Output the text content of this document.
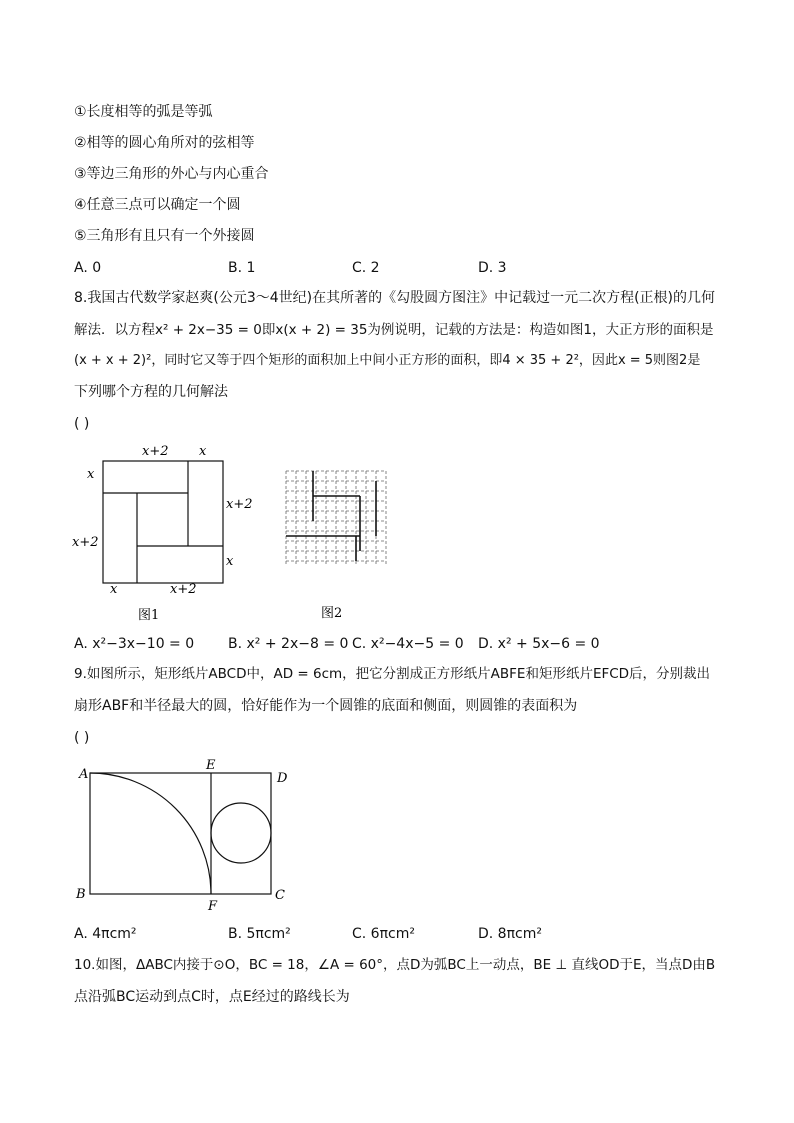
①长度相等的弧是等弧
②相等的圆心角所对的弦相等
③等边三角形的外心与内心重合
④任意三点可以确定一个圆
⑤三角形有且只有一个外接圆
A. 0	B. 1	C. 2	D. 3
8.我国古代数学家赵爽(公元3～4世纪)在其所著的《勾股圆方图注》中记载过一元二次方程(正根)的几何
解法．以方程x² + 2x−35 = 0即x(x + 2) = 35为例说明，记载的方法是：构造如图1，大正方形的面积是
(x + x + 2)²，同时它又等于四个矩形的面积加上中间小正方形的面积，即4 × 35 + 2²，因此x = 5则图2是
下列哪个方程的几何解法
( )
x+2 x
x
x+2
x+2
x
x	x+2
图1	图2
A. x²−3x−10 = 0 B. x² + 2x−8 = 0 C. x²−4x−5 = 0 D. x² + 5x−6 = 0
9.如图所示，矩形纸片ABCD中，AD = 6cm，把它分割成正方形纸片ABFE和矩形纸片EFCD后，分别裁出
扇形ABF和半径最大的圆，恰好能作为一个圆锥的底面和侧面，则圆锥的表面积为
( )
A
E
D
B
F
C
A. 4πcm²	B. 5πcm²	C. 6πcm²	D. 8πcm²
10.如图，ΔABC内接于⊙O，BC = 18，∠A = 60°，点D为弧BC上一动点，BE ⊥ 直线OD于E，当点D由B
点沿弧BC运动到点C时，点E经过的路线长为
